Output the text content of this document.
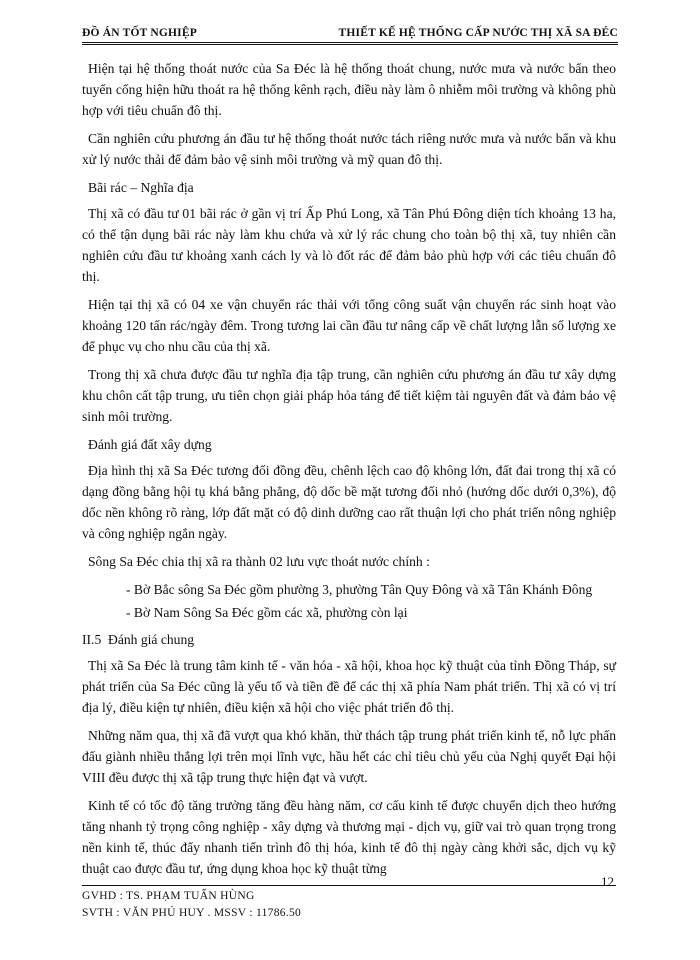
ĐỒ ÁN TỐT NGHIỆP	THIẾT KẾ HỆ THỐNG CẤP NƯỚC THỊ XÃ SA ĐÉC

Hiện tại hệ thống thoát nước của Sa Đéc là hệ thống thoát chung, nước mưa và nước bẩn theo tuyến cống hiện hữu thoát ra hệ thống kênh rạch, điều này làm ô nhiễm môi trường và không phù hợp với tiêu chuẩn đô thị.

Cần nghiên cứu phương án đầu tư hệ thống thoát nước tách riêng nước mưa và nước bẩn và khu xử lý nước thải để đảm bảo vệ sinh môi trường và mỹ quan đô thị.

Bãi rác – Nghĩa địa

Thị xã có đầu tư 01 bãi rác ở gần vị trí Ấp Phú Long, xã Tân Phú Đông diện tích khoảng 13 ha, có thể tận dụng bãi rác này làm khu chứa và xử lý rác chung cho toàn bộ thị xã, tuy nhiên cần nghiên cứu đầu tư khoảng xanh cách ly và lò đốt rác để đảm bảo phù hợp với các tiêu chuẩn đô thị.

Hiện tại thị xã có 04 xe vận chuyển rác thải với tổng công suất vận chuyển rác sinh hoạt vào khoảng 120 tấn rác/ngày đêm. Trong tương lai cần đầu tư nâng cấp về chất lượng lẫn số lượng xe để phục vụ cho nhu cầu của thị xã.

Trong thị xã chưa được đầu tư nghĩa địa tập trung, cần nghiên cứu phương án đầu tư xây dựng khu chôn cất tập trung, ưu tiên chọn giải pháp hỏa táng để tiết kiệm tài nguyên đất và đảm bảo vệ sinh môi trường.

Đánh giá đất xây dựng

Địa hình thị xã Sa Đéc tương đối đồng đều, chênh lệch cao độ không lớn, đất đai trong thị xã có dạng đồng bằng hội tụ khá bằng phẳng, độ dốc bề mặt tương đối nhỏ (hướng dốc dưới 0,3%), độ dốc nền không rõ ràng, lớp đất mặt có độ dinh dưỡng cao rất thuận lợi cho phát triển nông nghiệp và công nghiệp ngắn ngày.

Sông Sa Đéc chia thị xã ra thành 02 lưu vực thoát nước chính :

- Bờ Bắc sông Sa Đéc gồm phường 3, phường Tân Quy Đông và xã Tân Khánh Đông

- Bờ Nam Sông Sa Đéc gồm các xã, phường còn lại

II.5 Đánh giá chung

Thị xã Sa Đéc là trung tâm kinh tế - văn hóa - xã hội, khoa học kỹ thuật của tỉnh Đồng Tháp, sự phát triển của Sa Đéc cũng là yếu tố và tiền đề để các thị xã phía Nam phát triển. Thị xã có vị trí địa lý, điều kiện tự nhiên, điều kiện xã hội cho việc phát triển đô thị.

Những năm qua, thị xã đã vượt qua khó khăn, thử thách tập trung phát triển kinh tế, nỗ lực phấn đấu giành nhiều thắng lợi trên mọi lĩnh vực, hầu hết các chỉ tiêu chủ yếu của Nghị quyết Đại hội VIII đều được thị xã tập trung thực hiện đạt và vượt.

Kinh tế có tốc độ tăng trưởng tăng đều hàng năm, cơ cấu kinh tế được chuyển dịch theo hướng tăng nhanh tỷ trọng công nghiệp - xây dựng và thương mại - dịch vụ, giữ vai trò quan trọng trong nền kinh tế, thúc đẩy nhanh tiến trình đô thị hóa, kinh tế đô thị ngày càng khởi sắc, dịch vụ kỹ thuật cao được đầu tư, ứng dụng khoa học kỹ thuật từng

12
GVHD : TS. PHẠM TUẤN HÙNG
SVTH : VĂN PHÚ HUY . MSSV : 11786.50
